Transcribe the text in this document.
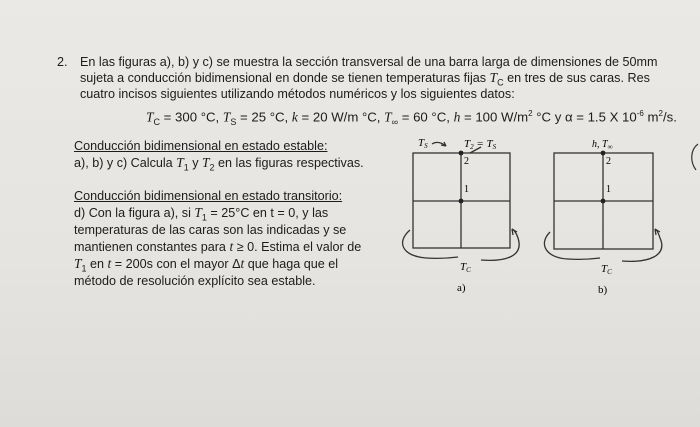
2. En las figuras a), b) y c) se muestra la sección transversal de una barra larga de dimensiones de 50mm
sujeta a conducción bidimensional en donde se tienen temperaturas fijas $T_C$ en tres de sus caras. Res
cuatro incisos siguientes utilizando métodos numéricos y los siguientes datos:
$T_C = 300$ °C, $T_S = 25$ °C, k = 20 W/m °C, $T_\infty = 60$ °C, h = 100 $W/m^2$ °C y α = 1.5 X $10^{-6}$ $m^2/s$.
Conducción bidimensional en estado estable:
a), b) y c) Calcula $T_1$ y $T_2$ en las figuras respectivas.
Conducción bidimensional en estado transitorio:
d) Con la figura a), si $T_1 = 25^\circ C$ en t = 0, y las
temperaturas de las caras son las indicadas y se
mantienen constantes para t ≥ 0. Estima el valor de
$T_1$ en t = 200s con el mayor Δt que haga que el
método de resolución explícito sea estable.
TS	T2 = TS
2
1
TC
a)
h, $T_\infty$
2
1
TC
b)
